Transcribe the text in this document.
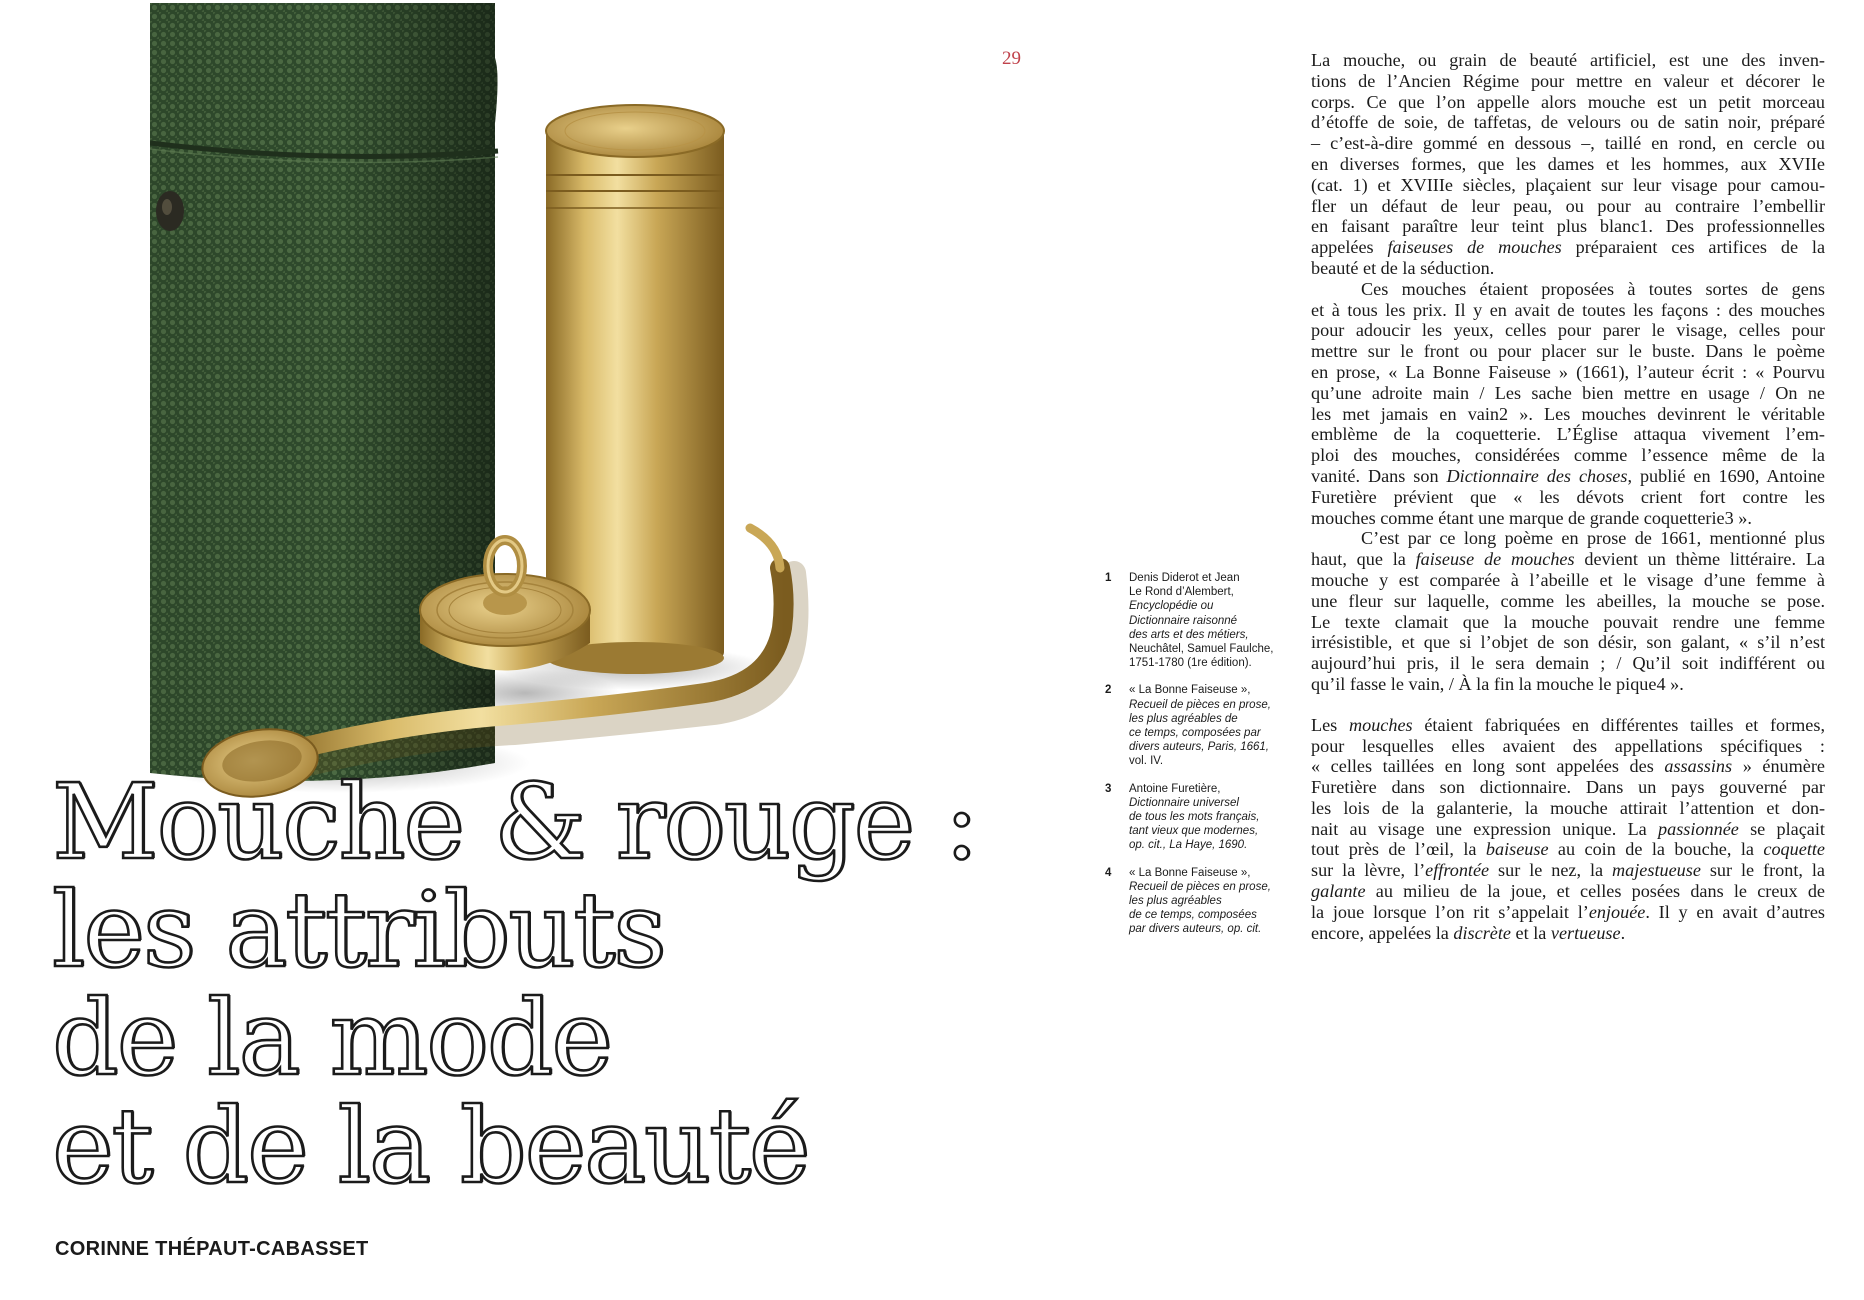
Mouche & rouge :
les attributs
de la mode
et de la beauté
CORINNE THÉPAUT-CABASSET
29
1 Denis Diderot et Jean
Le Rond d’Alembert,
Encyclopédie ou
Dictionnaire raisonné
des arts et des métiers,
Neuchâtel, Samuel Faulche,
1751-1780 (1re édition).
2 « La Bonne Faiseuse »,
Recueil de pièces en prose,
les plus agréables de
ce temps, composées par
divers auteurs, Paris, 1661,
vol. IV.
3 Antoine Furetière,
Dictionnaire universel
de tous les mots français,
tant vieux que modernes,
op. cit., La Haye, 1690.
4 « La Bonne Faiseuse »,
Recueil de pièces en prose,
les plus agréables
de ce temps, composées
par divers auteurs, op. cit.
La mouche, ou grain de beauté artificiel, est une des inven-
tions de l’Ancien Régime pour mettre en valeur et décorer le
corps. Ce que l’on appelle alors mouche est un petit morceau
d’étoffe de soie, de taffetas, de velours ou de satin noir, préparé
– c’est-à-dire gommé en dessous –, taillé en rond, en cercle ou
en diverses formes, que les dames et les hommes, aux XVIIe
(cat. 1) et XVIIIe siècles, plaçaient sur leur visage pour camou-
fler un défaut de leur peau, ou pour au contraire l’embellir
en faisant paraître leur teint plus blanc1. Des professionnelles
appelées faiseuses de mouches préparaient ces artifices de la
beauté et de la séduction.
Ces mouches étaient proposées à toutes sortes de gens
et à tous les prix. Il y en avait de toutes les façons : des mouches
pour adoucir les yeux, celles pour parer le visage, celles pour
mettre sur le front ou pour placer sur le buste. Dans le poème
en prose, « La Bonne Faiseuse » (1661), l’auteur écrit : « Pourvu
qu’une adroite main / Les sache bien mettre en usage / On ne
les met jamais en vain2 ». Les mouches devinrent le véritable
emblème de la coquetterie. L’Église attaqua vivement l’em-
ploi des mouches, considérées comme l’essence même de la
vanité. Dans son Dictionnaire des choses, publié en 1690, Antoine
Furetière prévient que « les dévots crient fort contre les
mouches comme étant une marque de grande coquetterie3 ».
C’est par ce long poème en prose de 1661, mentionné plus
haut, que la faiseuse de mouches devient un thème littéraire. La
mouche y est comparée à l’abeille et le visage d’une femme à
une fleur sur laquelle, comme les abeilles, la mouche se pose.
Le texte clamait que la mouche pouvait rendre une femme
irrésistible, et que si l’objet de son désir, son galant, « s’il n’est
aujourd’hui pris, il le sera demain ; / Qu’il soit indifférent ou
qu’il fasse le vain, / À la fin la mouche le pique4 ».
Les mouches étaient fabriquées en différentes tailles et formes,
pour lesquelles elles avaient des appellations spécifiques :
« celles taillées en long sont appelées des assassins » énumère
Furetière dans son dictionnaire. Dans un pays gouverné par
les lois de la galanterie, la mouche attirait l’attention et don-
nait au visage une expression unique. La passionnée se plaçait
tout près de l’œil, la baiseuse au coin de la bouche, la coquette
sur la lèvre, l’effrontée sur le nez, la majestueuse sur le front, la
galante au milieu de la joue, et celles posées dans le creux de
la joue lorsque l’on rit s’appelait l’enjouée. Il y en avait d’autres
encore, appelées la discrète et la vertueuse.
